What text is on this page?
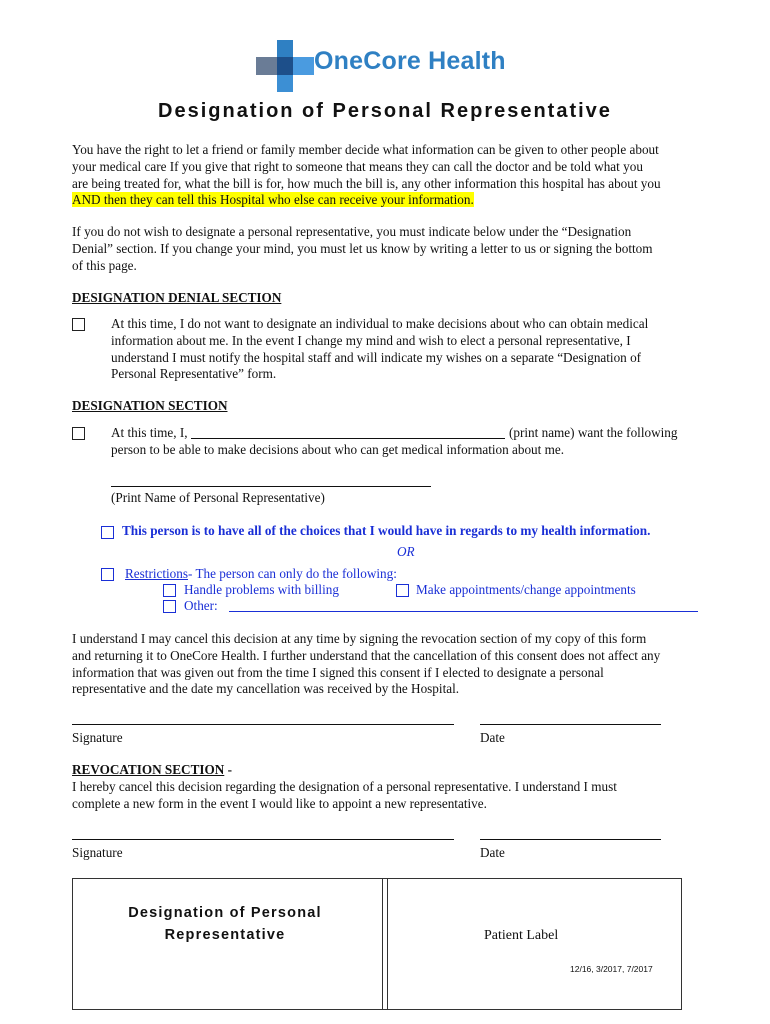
OneCore Health
Designation of Personal Representative
You have the right to let a friend or family member decide what information can be given to other people about
your medical care If you give that right to someone that means they can call the doctor and be told what you
are being treated for, what the bill is for, how much the bill is, any other information this hospital has about you
AND then they can tell this Hospital who else can receive your information.
If you do not wish to designate a personal representative, you must indicate below under the “Designation
Denial” section. If you change your mind, you must let us know by writing a letter to us or signing the bottom
of this page.
DESIGNATION DENIAL SECTION
At this time, I do not want to designate an individual to make decisions about who can obtain medical
information about me. In the event I change my mind and wish to elect a personal representative, I
understand I must notify the hospital staff and will indicate my wishes on a separate “Designation of
Personal Representative” form.
DESIGNATION SECTION
At this time, I,	(print name) want the following
person to be able to make decisions about who can get medical information about me.
(Print Name of Personal Representative)
This person is to have all of the choices that I would have in regards to my health information.
OR
Restrictions- The person can only do the following:
Handle problems with billing	Make appointments/change appointments
Other:
I understand I may cancel this decision at any time by signing the revocation section of my copy of this form
and returning it to OneCore Health. I further understand that the cancellation of this consent does not affect any
information that was given out from the time I signed this consent if I elected to designate a personal
representative and the date my cancellation was received by the Hospital.
Signature	Date
REVOCATION SECTION -
I hereby cancel this decision regarding the designation of a personal representative. I understand I must
complete a new form in the event I would like to appoint a new representative.
Signature	Date
Designation of Personal
Representative	Patient Label
12/16, 3/2017, 7/2017
